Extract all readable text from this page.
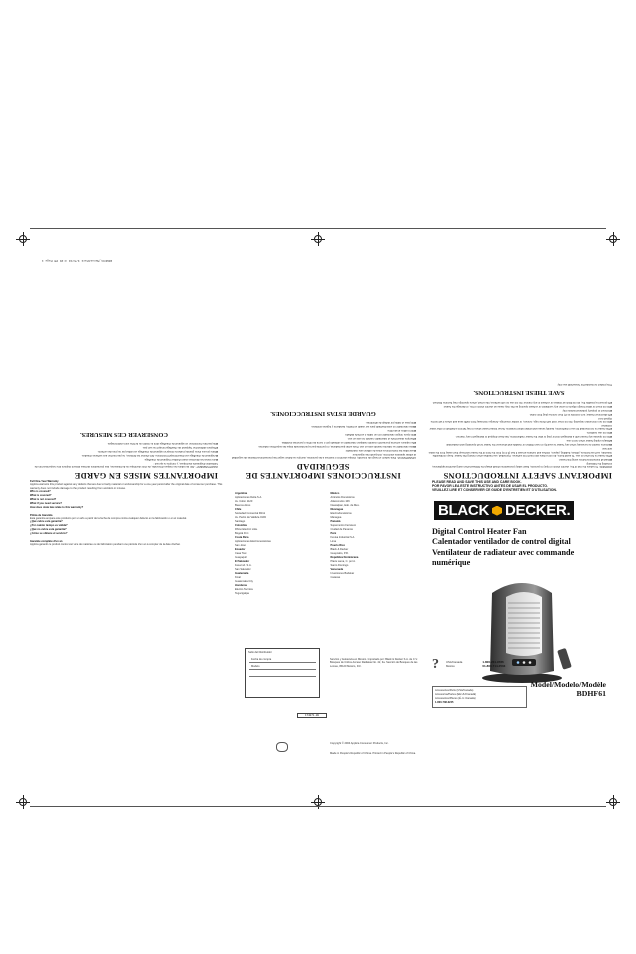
BDHF61_ManualPack 3/5/04 4:20 PM Page 1
IMPORTANT SAFETY INTRODUCTIONS
WARNING: To reduce the risk of fire, electric shock or injury to persons, basic safety precautions should always be followed when using electrical appliances, including the following:

■ Read all instructions before using this heater.

■ This heater is hot when in use. To avoid burns, do not let bare skin touch hot surfaces. If provided, use handles when moving this heater. Keep combustible materials, such as furniture, pillows, bedding, papers, clothes and curtains at least 3 feet (0.9 m) from the front of the heater and keep them away from the sides and rear.

■ Extreme caution is necessary when any heater is used by or near children or invalids and whenever the heater is left operating and unattended.

■ Always unplug heater when not in use.

■ Do not operate any heater with a damaged cord or plug or after the heater malfunctions, has been dropped or damaged in any manner.

■ Do not use outdoors.

■ This heater is not intended for use in bathrooms, laundry areas and similar indoor locations. Never locate heater where it may fall into a bathtub or other water container.

■ Do not run cord under carpeting. Do not cover cord with throw rugs, runners, or similar coverings. Arrange cord away from traffic area and where it will not be tripped over.

■ To disconnect heater, turn controls to off, then remove plug from outlet.

■ Connect to properly polarized outlets only.

■ Do not insert or allow foreign objects to enter any ventilation or exhaust opening as this may cause an electric shock or fire, or damage the heater.

■ To prevent a possible fire, do not block air intakes or exhaust in any manner. Do not use on soft surfaces, like a bed, where openings may become blocked.

SAVE THESE INSTRUCTIONS.
This product is intended for household use only.
INSTRUCCIONES IMPORTANTES DE SEGURIDAD
ADVERTENCIA: Para reducir el riesgo de incendio, choque eléctrico o lesiones a las personas, siempre se deben seguir las precauciones básicas de seguridad al utilizar aparatos eléctricos, incluyendo las siguientes:

■ Lea todas las instrucciones antes de utilizar este calentador.

■ Este calentador se calienta cuando está en uso. Para evitar quemaduras, no permita que la piel desnuda toque las superficies calientes.

■ Se requiere extrema precaución cuando cualquier calentador es utilizado por o cerca de niños o personas inválidas.

■ Siempre desenchufe el calentador cuando no esté en uso.

■ No opere ningún calentador con un cable o enchufe dañado.

■ No lo utilice al aire libre.

■ Este calentador no está diseñado para ser usado en baños, lavaderos y lugares similares.

■ No pase el cable por debajo de alfombras.

GUARDE ESTAS INSTRUCCIONES.
IMPORTANTES MISES EN GARDE
AVERTISSEMENT : Afin de réduire les risques d'incendie, de choc électrique ou de blessures, des précautions de base doivent toujours être respectées lors de l'utilisation d'appareils électriques, y compris ce qui suit :

■ Lire toutes les directives avant d'utiliser l'appareil de chauffage.

■ L'appareil de chauffage est chaud lorsqu'il fonctionne. Afin d'éviter les brûlures, ne pas toucher aux surfaces chaudes.

■ Faire preuve d'une grande prudence lorsqu'un appareil de chauffage est utilisé par ou près des enfants.

■ Toujours débrancher l'appareil de chauffage lorsqu'il ne sert pas.

■ Ne pas faire fonctionner un appareil de chauffage dont le cordon ou la fiche sont endommagés.

CONSERVER CES MESURES.
Full One-Year Warranty
Applica warrants this product against any defects that are due to faulty material or workmanship for a one-year period after the original date of consumer purchase. This warranty does not include damage to the product resulting from accident or misuse.

Who is covered?

What is covered?

What is not covered?

What if you need service?

How does state law relate to this warranty?

Póliza de Garantía
Esta garantía ampara este producto por un año a partir de la fecha de compra contra cualquier defecto en la fabricación o en el material.

¿Qué cubre esta garantía?

¿Por cuánto tiempo es válida?

¿Qué no cubre esta garantía?

¿Cómo se obtiene el servicio?

Garantie complète d'un an
Applica garantit ce produit contre tout vice de matériau ou de fabrication pendant une période d'un an à compter de la date d'achat.

Argentina

Aplicaciones Delta S.A.

Av. Colón 1120

Buenos Aires

Chile

Sociedad Comercial Ritrol

Av. Pedro de Valdivia 0193

Santiago

Colombia

Rhino Electric Ltda.

Bogotá D.C.

Costa Rica

Aplicaciones Electromecánicas

San José

Ecuador

Casa Tosi

Guayaquil

El Salvador

Fesa Ind. S.A.

San Salvador

Guatemala

Kinal

Guatemala City

Honduras

Electro-Tecnica

Tegucigalpa

México

Articulos Domésticos

Atlacomulco 106

Naucalpan, Edo. de Mex.

Nicaragua

Electrodomésticos

Managua

Panamá

Supercentro Ferretero

Ciudad de Panamá

Perú

Fevisa Industrial S.A.

Lima

Puerto Rico

Black & Decker

Guaynabo, P.R.

República Dominicana

Plaza Lama, C. por A.

Santo Domingo

Venezuela

Inversiones Bodekar

Caracas

Sello del Distribuidor
Fecha de compra
Modelo
Servicio y Asistencia en México. Importado por: Black & Decker S.A. de C.V. Bosques de Cidros Acceso Radiatas No. 42, 3a. Sección de Bosques de las Lomas, 05120 México, D.F.
174071-00
Copyright © 2004 Applica Consumer Products, Inc.
Made in People's Republic of China. Printed in People's Republic of China.
PLEASE READ AND SAVE THIS USE AND CARE BOOK.
POR FAVOR LEA ESTE INSTRUCTIVO ANTES DE USAR EL PRODUCTO.
VEUILLEZ LIRE ET CONSERVER CE GUIDE D'ENTRETIEN ET D'UTILISATION.
BLACK DECKER.
Digital Control Heater Fan
Calentador ventilador de control digital
Ventilateur de radiateur avec commande numérique
?	USA/Canada

México

1-800-231-9786

01-800-714-2503

Accessories/Parts (USA/Canada)

Accesorios/Partes (EE.UU/Canadá)

Accessoires/Pièces (É.-U./Canada)

1-800-738-0245

Model/Modelo/Modèle
BDHF61
